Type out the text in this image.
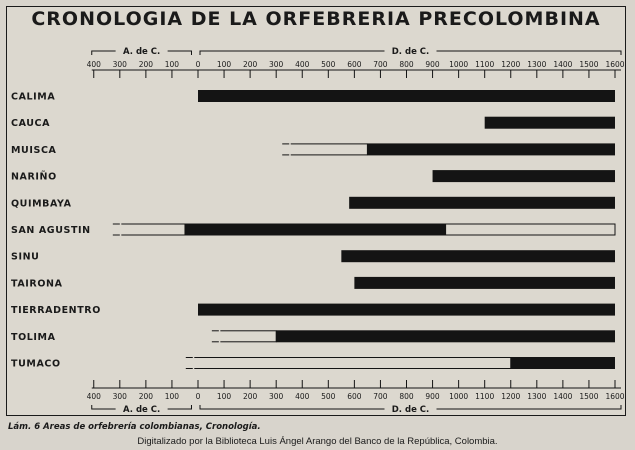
CRONOLOGIA DE LA ORFEBRERIA PRECOLOMBINA
A. de C.	D. de C.
A. de C.	D. de C.
400 300 200 100 0 100 200 300 400 500 600 700 800 900 1000 1100 1200 1300 1400 1500 1600
400 300 200 100 0 100 200 300 400 500 600 700 800 900 1000 1100 1200 1300 1400 1500 1600
CALIMA
CAUCA
MUISCA
NARIÑO
QUIMBAYA
SAN AGUSTIN
SINU
TAIRONA
TIERRADENTRO
TOLIMA
TUMACO
Lám. 6 Areas de orfebrería colombianas, Cronología.
Digitalizado por la Biblioteca Luis Ángel Arango del Banco de la República, Colombia.
